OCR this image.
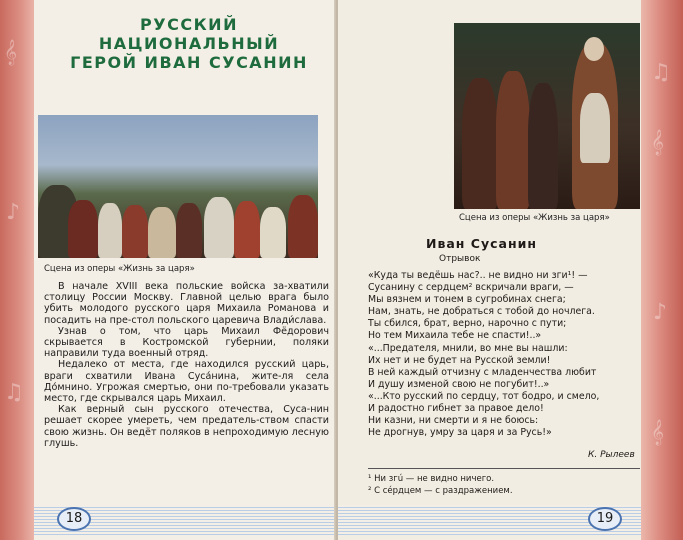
𝄞
♪
♫
♫
𝄞
♪
𝄞
РУССКИЙ НАЦИОНАЛЬНЫЙ
ГЕРОЙ ИВАН СУСАНИН
Сцена из оперы «Жизнь за царя»

В начале XVIII века польские войска за-хватили столицу России Москву. Главной целью врага было убить молодого русского царя Михаила Романова и посадить на пре-стол польского царевича Влади́слава.

Узнав о том, что царь Михаил Фёдорович скрывается в Костромской губернии, поляки направили туда военный отряд.

Недалеко от места, где находился русский царь, враги схватили Ивана Суса́нина, жите-ля села До́мнино. Угрожая смертью, они по-требовали указать место, где скрывался царь Михаил.

Как верный сын русского отечества, Суса-нин решает скорее умереть, чем предатель-ством спасти свою жизнь. Он ведёт поляков в непроходимую лесную глушь.

18
Сцена из оперы «Жизнь за царя»
Иван Сусанин
Отрывок
«Куда ты ведёшь нас?.. не видно ни зги¹! —
Сусанину с сердцем² вскричали враги, —
Мы вязнем и тонем в сугробинах снега;
Нам, знать, не добраться с тобой до ночлега.
Ты сбился, брат, верно, нарочно с пути;
Но тем Михаила тебе не спасти!..»
«...Предателя, мнили, во мне вы нашли:
Их нет и не будет на Русской земли!
В ней каждый отчизну с младенчества любит
И душу изменой свою не погубит!..»
«...Кто русский по сердцу, тот бодро, и смело,
И радостно гибнет за правое дело!
Ни казни, ни смерти и я не боюсь:
Не дрогнув, умру за царя и за Русь!»
К. Рылеев
¹ Ни згú — не видно ничего.
² С сéрдцем — с раздражением.
19
